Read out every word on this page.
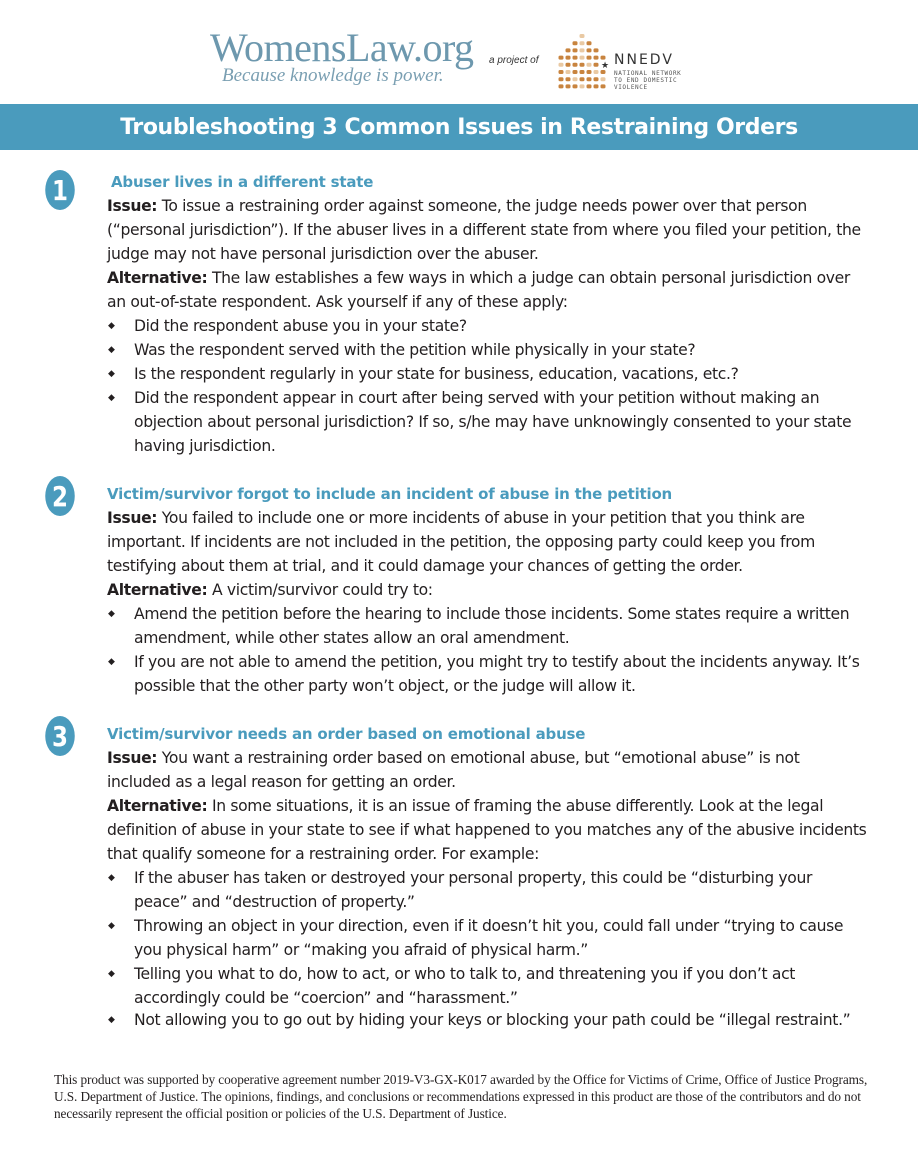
WomensLaw.org
Because knowledge is power.
a project of	★ NNEDV
NATIONAL NETWORK
TO END DOMESTIC
VIOLENCE
Troubleshooting 3 Common Issues in Restraining Orders
1	Abuser lives in a different state
Issue: To issue a restraining order against someone, the judge needs power over that person (“personal jurisdiction”). If the abuser lives in a different state from where you filed your petition, the judge may not have personal jurisdiction over the abuser.
Alternative: The law establishes a few ways in which a judge can obtain personal jurisdiction over an out-of-state respondent. Ask yourself if any of these apply:
◆ Did the respondent abuse you in your state?
◆ Was the respondent served with the petition while physically in your state?
◆ Is the respondent regularly in your state for business, education, vacations, etc.?
◆ Did the respondent appear in court after being served with your petition without making an objection about personal jurisdiction? If so, s/he may have unknowingly consented to your state having jurisdiction.
2	Victim/survivor forgot to include an incident of abuse in the petition
Issue: You failed to include one or more incidents of abuse in your petition that you think are important. If incidents are not included in the petition, the opposing party could keep you from testifying about them at trial, and it could damage your chances of getting the order.
Alternative: A victim/survivor could try to:
◆ Amend the petition before the hearing to include those incidents. Some states require a written amendment, while other states allow an oral amendment.
◆ If you are not able to amend the petition, you might try to testify about the incidents anyway. It’s possible that the other party won’t object, or the judge will allow it.
3	Victim/survivor needs an order based on emotional abuse
Issue: You want a restraining order based on emotional abuse, but “emotional abuse” is not included as a legal reason for getting an order.
Alternative: In some situations, it is an issue of framing the abuse differently. Look at the legal definition of abuse in your state to see if what happened to you matches any of the abusive incidents that qualify someone for a restraining order. For example:
◆ If the abuser has taken or destroyed your personal property, this could be “disturbing your peace” and “destruction of property.”
◆ Throwing an object in your direction, even if it doesn’t hit you, could fall under “trying to cause you physical harm” or “making you afraid of physical harm.”
◆ Telling you what to do, how to act, or who to talk to, and threatening you if you don’t act accordingly could be “coercion” and “harassment.”
◆ Not allowing you to go out by hiding your keys or blocking your path could be “illegal restraint.”
This product was supported by cooperative agreement number 2019-V3-GX-K017 awarded by the Office for Victims of Crime, Office of Justice Programs, U.S. Department of Justice. The opinions, findings, and conclusions or recommendations expressed in this product are those of the contributors and do not necessarily represent the official position or policies of the U.S. Department of Justice.
